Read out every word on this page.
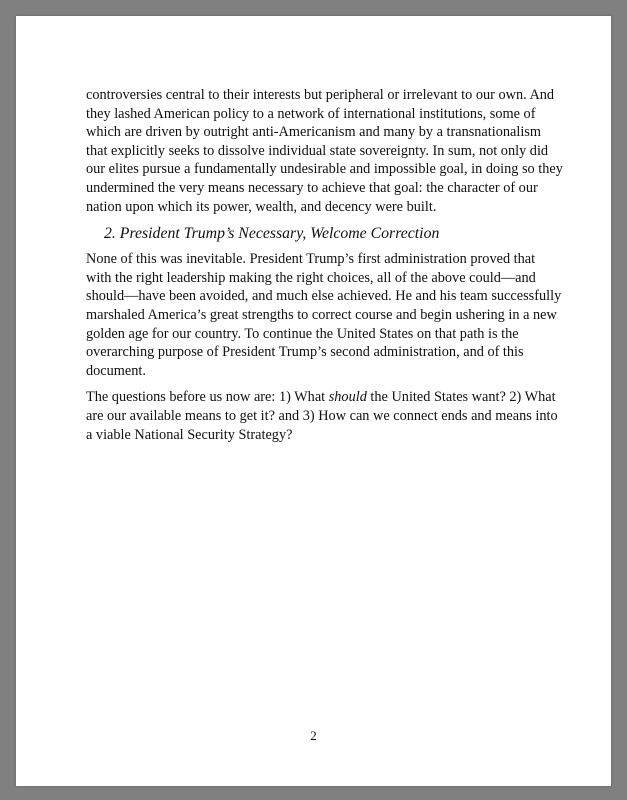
controversies central to their interests but peripheral or irrelevant to our own. And
they lashed American policy to a network of international institutions, some of
which are driven by outright anti-Americanism and many by a transnationalism
that explicitly seeks to dissolve individual state sovereignty. In sum, not only did
our elites pursue a fundamentally undesirable and impossible goal, in doing so they
undermined the very means necessary to achieve that goal: the character of our
nation upon which its power, wealth, and decency were built.

2. President Trump’s Necessary, Welcome Correction

None of this was inevitable. President Trump’s first administration proved that
with the right leadership making the right choices, all of the above could—and
should—have been avoided, and much else achieved. He and his team successfully
marshaled America’s great strengths to correct course and begin ushering in a new
golden age for our country. To continue the United States on that path is the
overarching purpose of President Trump’s second administration, and of this
document.

The questions before us now are: 1) What should the United States want? 2) What
are our available means to get it? and 3) How can we connect ends and means into
a viable National Security Strategy?

2
